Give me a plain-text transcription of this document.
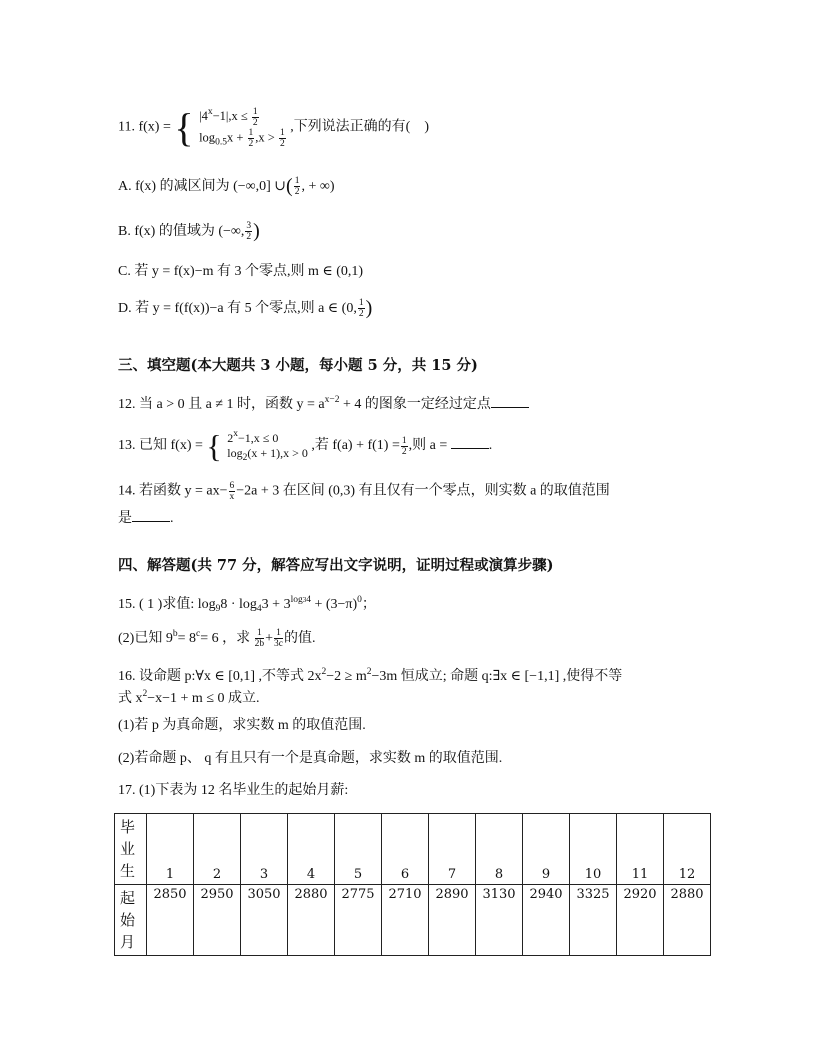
11. f(x) = { $|4^x-1|,x \le \frac{1}{2}$
$\log_{0.5}x + \frac{1}{2} ,x > \frac{1}{2}$
,下列说法正确的有(　)
A. f(x) 的减区间为 (−∞,0] ∪( $\frac{1}{2}$ , + ∞)
B. f(x) 的值域为 (−∞, $\frac{3}{2}$ )
C. 若 y = f(x)−m 有 3 个零点,则 m ∈ (0,1)
D. 若 y = f(f(x))−a 有 5 个零点,则 a ∈ (0, $\frac{1}{2}$ )
三、填空题(本大题共 3 小题，每小题 5 分，共 15 分)
12. 当 a > 0 且 a ≠ 1 时，函数 $y = a^{x-2} + 4$ 的图象一定经过定点
13. 已知 f(x) = { $2^x-1,x \le 0$
$\log_2(x + 1),x > 0$ ,若 $f(a) + f(1) = \frac{1}{2}$ ,则 a =	.
14. 若函数 $y = ax- \frac{6}{x} -2a + 3$ 在区间 (0,3) 有且仅有一个零点，则实数 a 的取值范围
是	.
四、解答题(共 77 分，解答应写出文字说明，证明过程或演算步骤)
15. ( 1 )求值: $\log_98 \cdot \log_43 + 3^{log34} + (3-\pi)^0$；
(2)已知 $9^b= 8^c= 6$ ，求 $\frac{1}{2b} + \frac{1}{3c}$ 的值.
16. 设命题 p:∀x ∈ [0,1] ,不等式 $2x^2-2 \ge m^2-3m$ 恒成立; 命题 q:∃x ∈ [−1,1] ,使得不等
式 $x^2-x-1 + m \le 0$ 成立.
(1)若 p 为真命题，求实数 m 的取值范围.
(2)若命题 p、 q 有且只有一个是真命题，求实数 m 的取值范围.
17. (1)下表为 12 名毕业生的起始月薪:
毕
业
生	1	2	3	4	5	6	7	8	9	10	11	12
起
始
月	2850	2950	3050	2880	2775	2710	2890	3130	2940	3325	2920	2880
